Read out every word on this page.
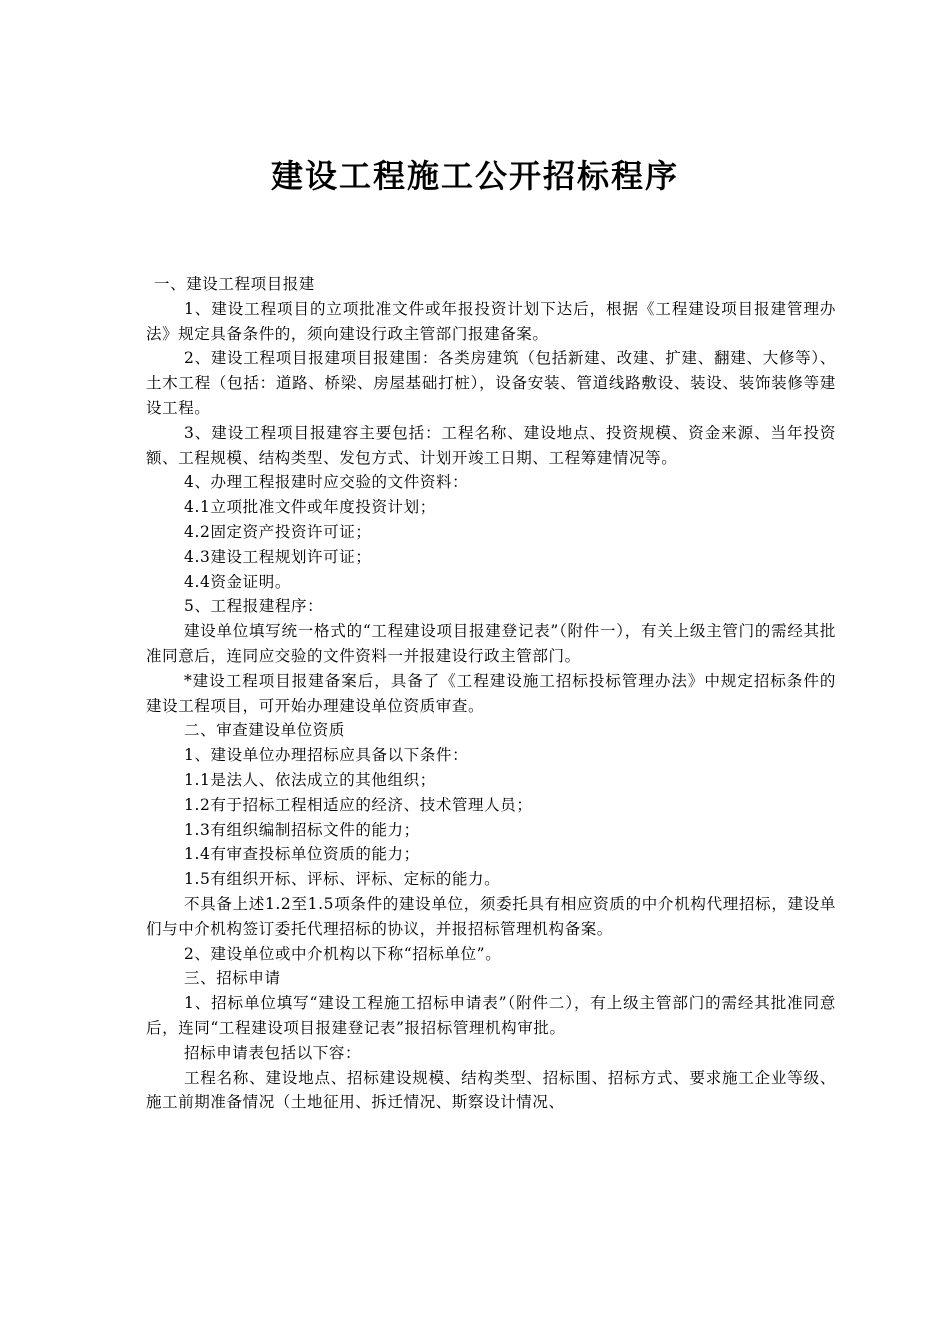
建设工程施工公开招标程序

一、建设工程项目报建

1、建设工程项目的立项批准文件或年报投资计划下达后，根据《工程建设项目报建管理办法》规定具备条件的，须向建设行政主管部门报建备案。

2、建设工程项目报建项目报建围：各类房建筑（包括新建、改建、扩建、翻建、大修等）、土木工程（包括：道路、桥梁、房屋基础打桩），设备安装、管道线路敷设、装设、装饰装修等建设工程。

3、建设工程项目报建容主要包括：工程名称、建设地点、投资规模、资金来源、当年投资额、工程规模、结构类型、发包方式、计划开竣工日期、工程筹建情况等。

4、办理工程报建时应交验的文件资料：

4.1立项批准文件或年度投资计划；

4.2固定资产投资许可证；

4.3建设工程规划许可证；

4.4资金证明。

5、工程报建程序：

建设单位填写统一格式的“工程建设项目报建登记表”（附件一），有关上级主管门的需经其批准同意后，连同应交验的文件资料一并报建设行政主管部门。

*建设工程项目报建备案后，具备了《工程建设施工招标投标管理办法》中规定招标条件的建设工程项目，可开始办理建设单位资质审查。

二、审查建设单位资质

1、建设单位办理招标应具备以下条件：

1.1是法人、依法成立的其他组织；

1.2有于招标工程相适应的经济、技术管理人员；

1.3有组织编制招标文件的能力；

1.4有审查投标单位资质的能力；

1.5有组织开标、评标、评标、定标的能力。

不具备上述1.2至1.5项条件的建设单位，须委托具有相应资质的中介机构代理招标，建设单们与中介机构签订委托代理招标的协议，并报招标管理机构备案。

2、建设单位或中介机构以下称“招标单位”。

三、招标申请

1、招标单位填写“建设工程施工招标申请表”（附件二），有上级主管部门的需经其批准同意后，连同“工程建设项目报建登记表”报招标管理机构审批。

招标申请表包括以下容：

工程名称、建设地点、招标建设规模、结构类型、招标围、招标方式、要求施工企业等级、施工前期准备情况（土地征用、拆迁情况、斯察设计情况、
